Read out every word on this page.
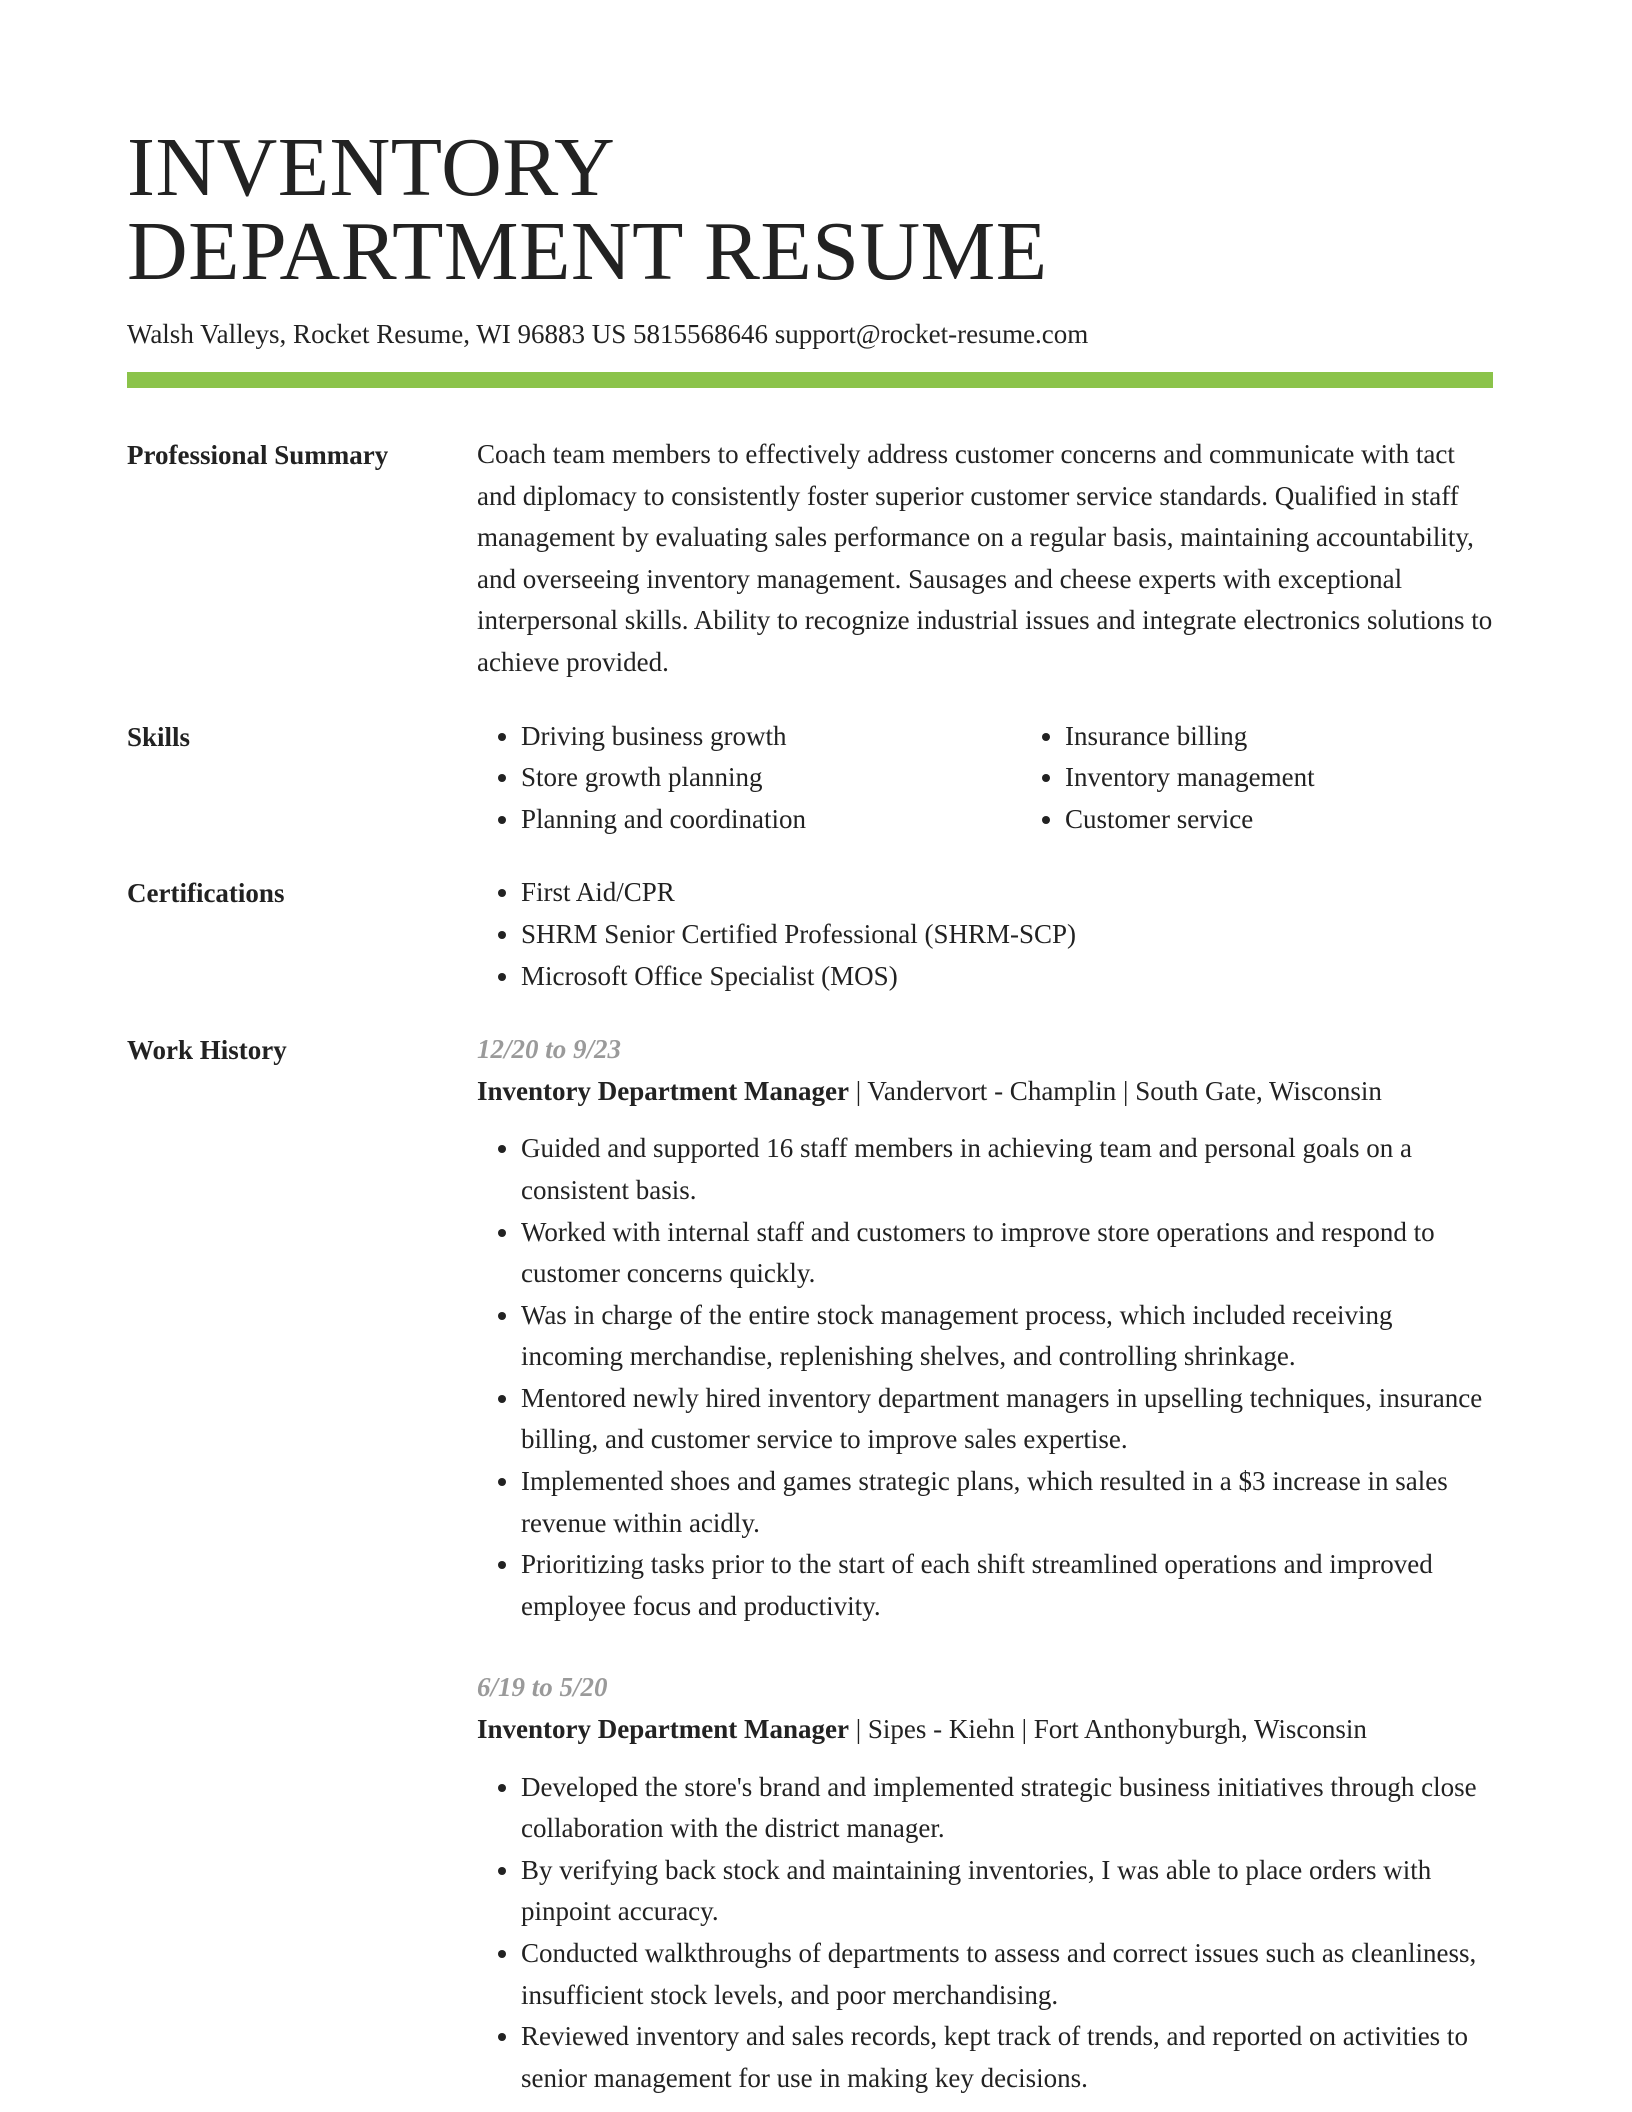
INVENTORY
DEPARTMENT RESUME
Walsh Valleys, Rocket Resume, WI 96883 US 5815568646 support@rocket-resume.com
Professional Summary	Coach team members to effectively address customer concerns and communicate with tact and diplomacy to consistently foster superior customer service standards. Qualified in staff management by evaluating sales performance on a regular basis, maintaining accountability, and overseeing inventory management. Sausages and cheese experts with exceptional interpersonal skills. Ability to recognize industrial issues and integrate electronics solutions to achieve provided.
Skills	• Driving business growth
• Store growth planning
• Planning and coordination
• Insurance billing
• Inventory management
• Customer service
Certifications	• First Aid/CPR
• SHRM Senior Certified Professional (SHRM-SCP)
• Microsoft Office Specialist (MOS)
Work History	12/20 to 9/23
Inventory Department Manager | Vandervort - Champlin | South Gate, Wisconsin
• Guided and supported 16 staff members in achieving team and personal goals on a consistent basis.
• Worked with internal staff and customers to improve store operations and respond to customer concerns quickly.
• Was in charge of the entire stock management process, which included receiving incoming merchandise, replenishing shelves, and controlling shrinkage.
• Mentored newly hired inventory department managers in upselling techniques, insurance billing, and customer service to improve sales expertise.
• Implemented shoes and games strategic plans, which resulted in a $3 increase in sales revenue within acidly.
• Prioritizing tasks prior to the start of each shift streamlined operations and improved employee focus and productivity.
6/19 to 5/20
Inventory Department Manager | Sipes - Kiehn | Fort Anthonyburgh, Wisconsin
• Developed the store's brand and implemented strategic business initiatives through close collaboration with the district manager.
• By verifying back stock and maintaining inventories, I was able to place orders with pinpoint accuracy.
• Conducted walkthroughs of departments to assess and correct issues such as cleanliness, insufficient stock levels, and poor merchandising.
• Reviewed inventory and sales records, kept track of trends, and reported on activities to senior management for use in making key decisions.
